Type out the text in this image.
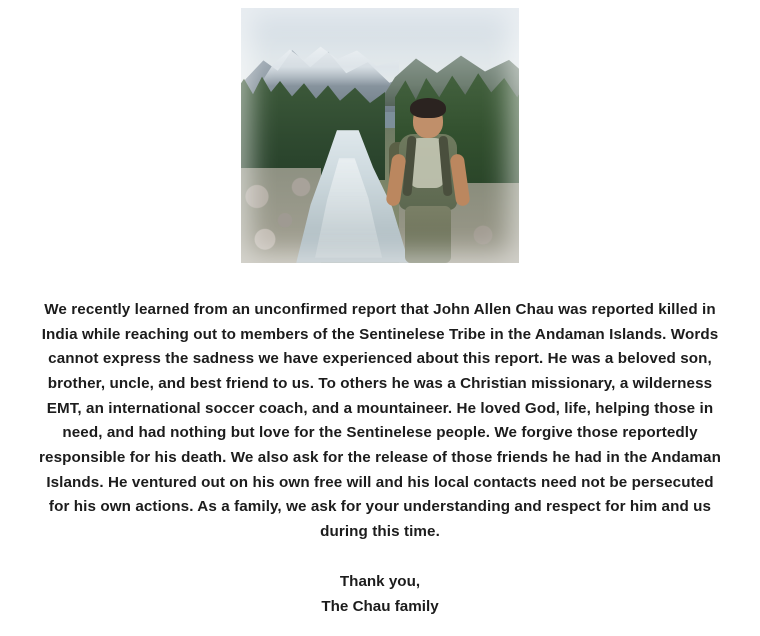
We recently learned from an unconfirmed report that John Allen Chau was reported killed in India while reaching out to members of the Sentinelese Tribe in the Andaman Islands. Words cannot express the sadness we have experienced about this report. He was a beloved son, brother, uncle, and best friend to us. To others he was a Christian missionary, a wilderness EMT, an international soccer coach, and a mountaineer. He loved God, life, helping those in need, and had nothing but love for the Sentinelese people. We forgive those reportedly responsible for his death. We also ask for the release of those friends he had in the Andaman Islands. He ventured out on his own free will and his local contacts need not be persecuted for his own actions. As a family, we ask for your understanding and respect for him and us during this time.

Thank you,
The Chau family
